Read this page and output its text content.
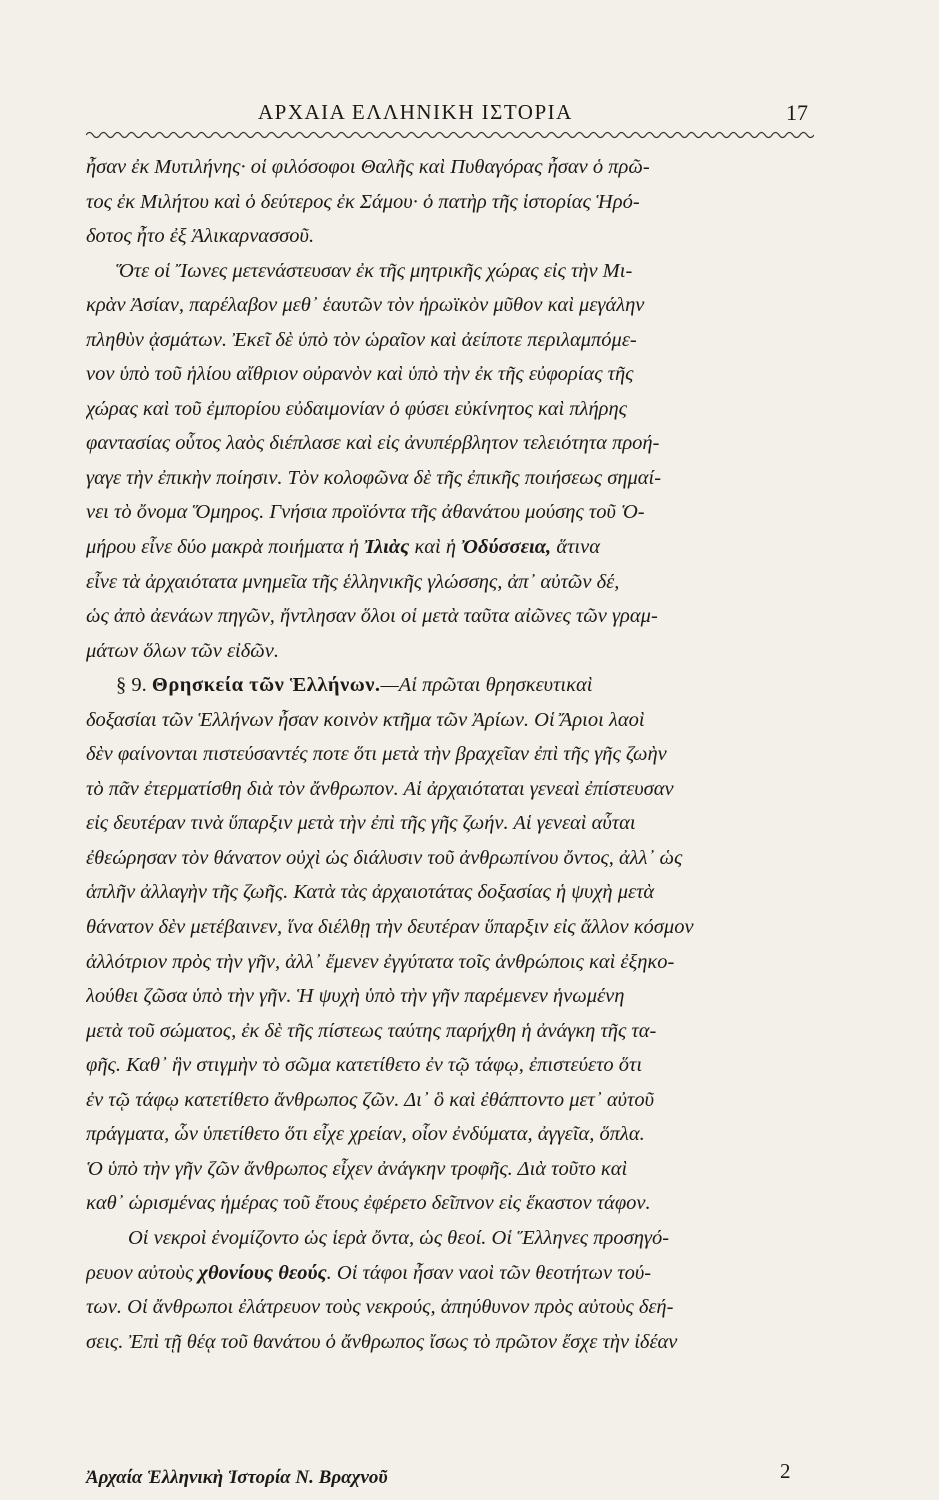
ΑΡΧΑΙΑ ΕΛΛΗΝΙΚΗ ΙΣΤΟΡΙΑ	17
ἦσαν ἐκ Μυτιλήνης· οἱ φιλόσοφοι Θαλῆς καὶ Πυθαγόρας ἦσαν ὁ πρῶ-
τος ἐκ Μιλήτου καὶ ὁ δεύτερος ἐκ Σάμου· ὁ πατὴρ τῆς ἱστορίας Ἡρό-
δοτος ἦτο ἐξ Ἁλικαρνασσοῦ.
Ὅτε οἱ Ἴωνες μετενάστευσαν ἐκ τῆς μητρικῆς χώρας εἰς τὴν Μι-
κρὰν Ἀσίαν, παρέλαβον μεθ᾽ ἑαυτῶν τὸν ἡρωϊκὸν μῦθον καὶ μεγάλην
πληθὺν ᾀσμάτων. Ἐκεῖ δὲ ὑπὸ τὸν ὡραῖον καὶ ἀείποτε περιλαμπόμε-
νον ὑπὸ τοῦ ἡλίου αἴθριον οὐρανὸν καὶ ὑπὸ τὴν ἐκ τῆς εὐφορίας τῆς
χώρας καὶ τοῦ ἐμπορίου εὐδαιμονίαν ὁ φύσει εὐκίνητος καὶ πλήρης
φαντασίας οὗτος λαὸς διέπλασε καὶ εἰς ἀνυπέρβλητον τελειότητα προή-
γαγε τὴν ἐπικὴν ποίησιν. Τὸν κολοφῶνα δὲ τῆς ἐπικῆς ποιήσεως σημαί-
νει τὸ ὄνομα Ὅμηρος. Γνήσια προϊόντα τῆς ἀθανάτου μούσης τοῦ Ὁ-
μήρου εἶνε δύο μακρὰ ποιήματα ἡ Ἰλιὰς καὶ ἡ Ὀδύσσεια, ἅτινα
εἶνε τὰ ἀρχαιότατα μνημεῖα τῆς ἑλληνικῆς γλώσσης, ἀπ᾽ αὐτῶν δέ,
ὡς ἀπὸ ἀενάων πηγῶν, ἤντλησαν ὅλοι οἱ μετὰ ταῦτα αἰῶνες τῶν γραμ-
μάτων ὅλων τῶν εἰδῶν.
§ 9. Θρησκεία τῶν Ἑλλήνων.—Αἱ πρῶται θρησκευτικαὶ
δοξασίαι τῶν Ἑλλήνων ἦσαν κοινὸν κτῆμα τῶν Ἀρίων. Οἱ Ἄριοι λαοὶ
δὲν φαίνονται πιστεύσαντές ποτε ὅτι μετὰ τὴν βραχεῖαν ἐπὶ τῆς γῆς ζωὴν
τὸ πᾶν ἐτερματίσθη διὰ τὸν ἄνθρωπον. Αἱ ἀρχαιόταται γενεαὶ ἐπίστευσαν
εἰς δευτέραν τινὰ ὕπαρξιν μετὰ τὴν ἐπὶ τῆς γῆς ζωήν. Αἱ γενεαὶ αὗται
ἐθεώρησαν τὸν θάνατον οὐχὶ ὡς διάλυσιν τοῦ ἀνθρωπίνου ὄντος, ἀλλ᾽ ὡς
ἁπλῆν ἀλλαγὴν τῆς ζωῆς. Κατὰ τὰς ἀρχαιοτάτας δοξασίας ἡ ψυχὴ μετὰ
θάνατον δὲν μετέβαινεν, ἵνα διέλθῃ τὴν δευτέραν ὕπαρξιν εἰς ἄλλον κόσμον
ἀλλότριον πρὸς τὴν γῆν, ἀλλ᾽ ἔμενεν ἐγγύτατα τοῖς ἀνθρώποις καὶ ἐξηκο-
λούθει ζῶσα ὑπὸ τὴν γῆν. Ἡ ψυχὴ ὑπὸ τὴν γῆν παρέμενεν ἡνωμένη
μετὰ τοῦ σώματος, ἐκ δὲ τῆς πίστεως ταύτης παρήχθη ἡ ἀνάγκη τῆς τα-
φῆς. Καθ᾽ ἣν στιγμὴν τὸ σῶμα κατετίθετο ἐν τῷ τάφῳ, ἐπιστεύετο ὅτι
ἐν τῷ τάφῳ κατετίθετο ἄνθρωπος ζῶν. Δι᾽ ὃ καὶ ἐθάπτοντο μετ᾽ αὐτοῦ
πράγματα, ὧν ὑπετίθετο ὅτι εἶχε χρείαν, οἷον ἐνδύματα, ἀγγεῖα, ὅπλα.
Ὁ ὑπὸ τὴν γῆν ζῶν ἄνθρωπος εἶχεν ἀνάγκην τροφῆς. Διὰ τοῦτο καὶ
καθ᾽ ὡρισμένας ἡμέρας τοῦ ἔτους ἐφέρετο δεῖπνον εἰς ἕκαστον τάφον.
Οἱ νεκροὶ ἐνομίζοντο ὡς ἱερὰ ὄντα, ὡς θεοί. Οἱ Ἕλληνες προσηγό-
ρευον αὐτοὺς χθονίους θεούς. Οἱ τάφοι ἦσαν ναοὶ τῶν θεοτήτων τού-
των. Οἱ ἄνθρωποι ἐλάτρευον τοὺς νεκρούς, ἀπηύθυνον πρὸς αὐτοὺς δεή-
σεις. Ἐπὶ τῇ θέᾳ τοῦ θανάτου ὁ ἄνθρωπος ἴσως τὸ πρῶτον ἔσχε τὴν ἰδέαν
Ἀρχαία Ἑλληνικὴ Ἱστορία Ν. Βραχνοῦ	2
